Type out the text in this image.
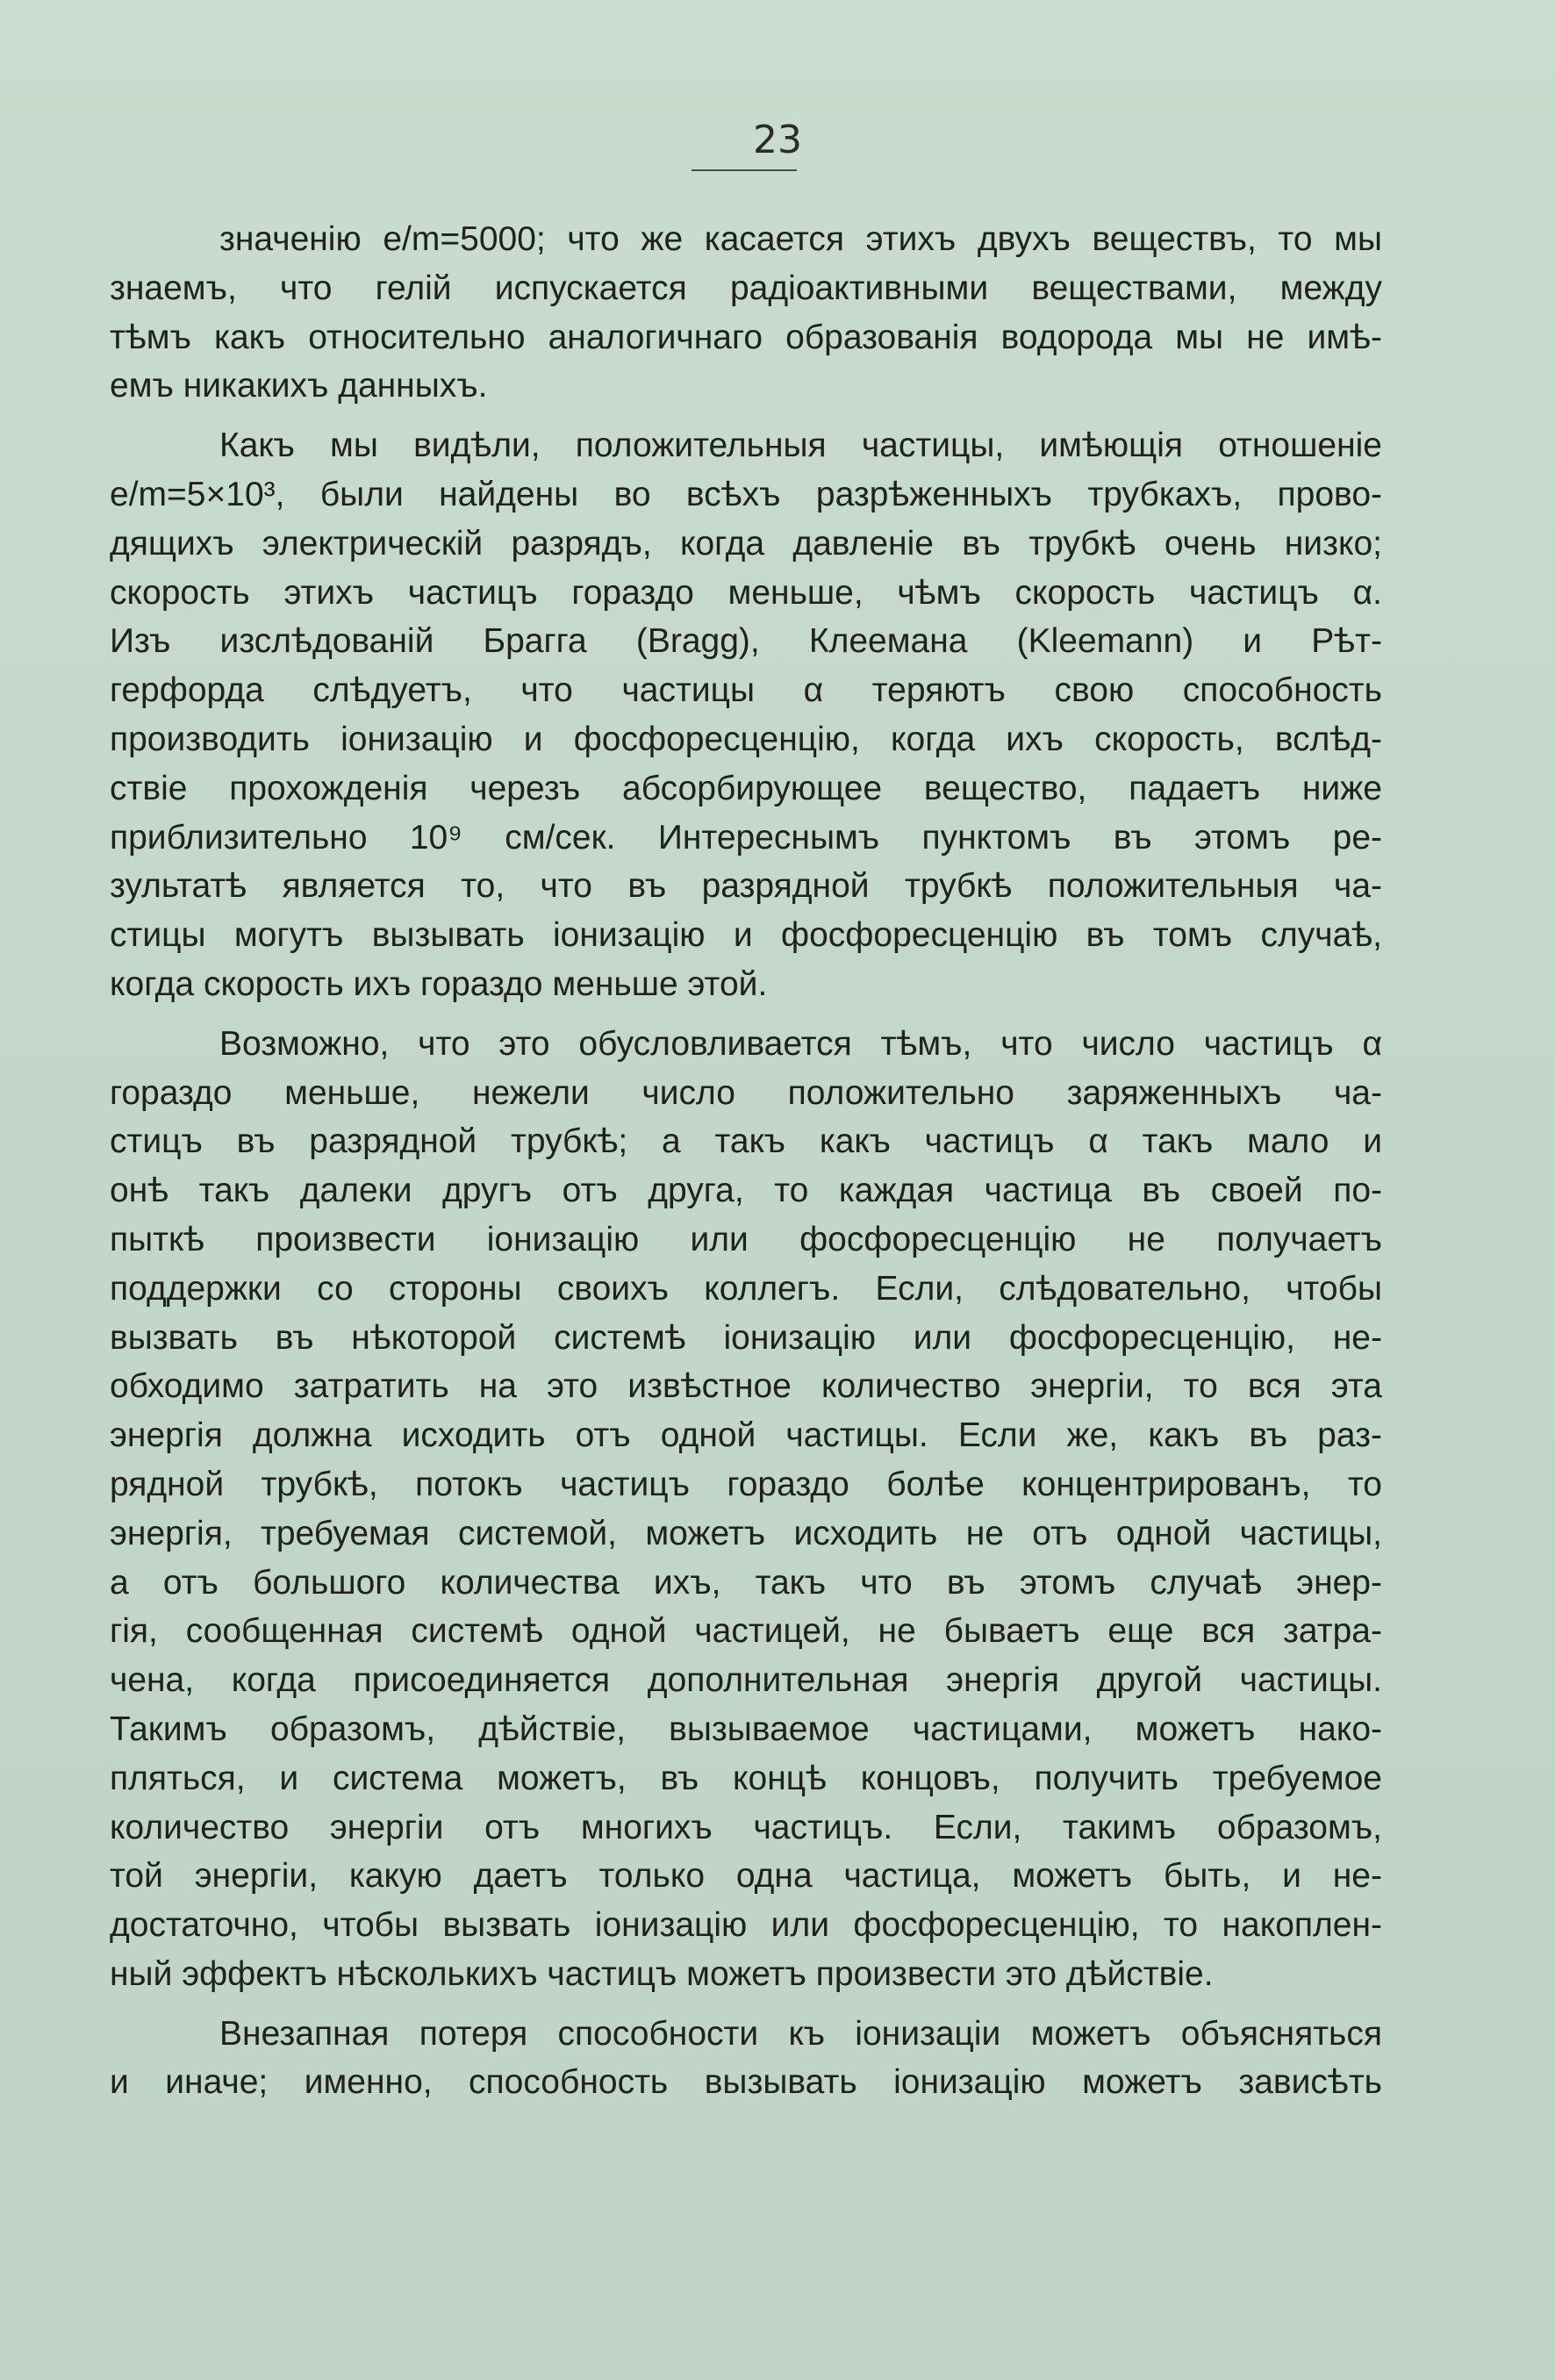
23
значенію e/m=5000; что же касается этихъ двухъ веществъ, то мы
знаемъ, что гелій испускается радіоактивными веществами, между
тѣмъ какъ относительно аналогичнаго образованія водорода мы не имѣ-
емъ никакихъ данныхъ.
Какъ мы видѣли, положительныя частицы, имѣющія отношеніе
e/m=5×10³, были найдены во всѣхъ разрѣженныхъ трубкахъ, прово-
дящихъ электрическій разрядъ, когда давленіе въ трубкѣ очень низко;
скорость этихъ частицъ гораздо меньше, чѣмъ скорость частицъ α.
Изъ изслѣдованій Брагга (Bragg), Клеемана (Kleemann) и Рѣт-
герфорда слѣдуетъ, что частицы α теряютъ свою способность
производить іонизацію и фосфоресценцію, когда ихъ скорость, вслѣд-
ствіе прохожденія черезъ абсорбирующее вещество, падаетъ ниже
приблизительно 10⁹ см/сек. Интереснымъ пунктомъ въ этомъ ре-
зультатѣ является то, что въ разрядной трубкѣ положительныя ча-
стицы могутъ вызывать іонизацію и фосфоресценцію въ томъ случаѣ,
когда скорость ихъ гораздо меньше этой.
Возможно, что это обусловливается тѣмъ, что число частицъ α
гораздо меньше, нежели число положительно заряженныхъ ча-
стицъ въ разрядной трубкѣ; а такъ какъ частицъ α такъ мало и
онѣ такъ далеки другъ отъ друга, то каждая частица въ своей по-
пыткѣ произвести іонизацію или фосфоресценцію не получаетъ
поддержки со стороны своихъ коллегъ. Если, слѣдовательно, чтобы
вызвать въ нѣкоторой системѣ іонизацію или фосфоресценцію, не-
обходимо затратить на это извѣстное количество энергіи, то вся эта
энергія должна исходить отъ одной частицы. Если же, какъ въ раз-
рядной трубкѣ, потокъ частицъ гораздо болѣе концентрированъ, то
энергія, требуемая системой, можетъ исходить не отъ одной частицы,
а отъ большого количества ихъ, такъ что въ этомъ случаѣ энер-
гія, сообщенная системѣ одной частицей, не бываетъ еще вся затра-
чена, когда присоединяется дополнительная энергія другой частицы.
Такимъ образомъ, дѣйствіе, вызываемое частицами, можетъ нако-
пляться, и система можетъ, въ концѣ концовъ, получить требуемое
количество энергіи отъ многихъ частицъ. Если, такимъ образомъ,
той энергіи, какую даетъ только одна частица, можетъ быть, и не-
достаточно, чтобы вызвать іонизацію или фосфоресценцію, то накоплен-
ный эффектъ нѣсколькихъ частицъ можетъ произвести это дѣйствіе.
Внезапная потеря способности къ іонизаціи можетъ объясняться
и иначе; именно, способность вызывать іонизацію можетъ зависѣть
